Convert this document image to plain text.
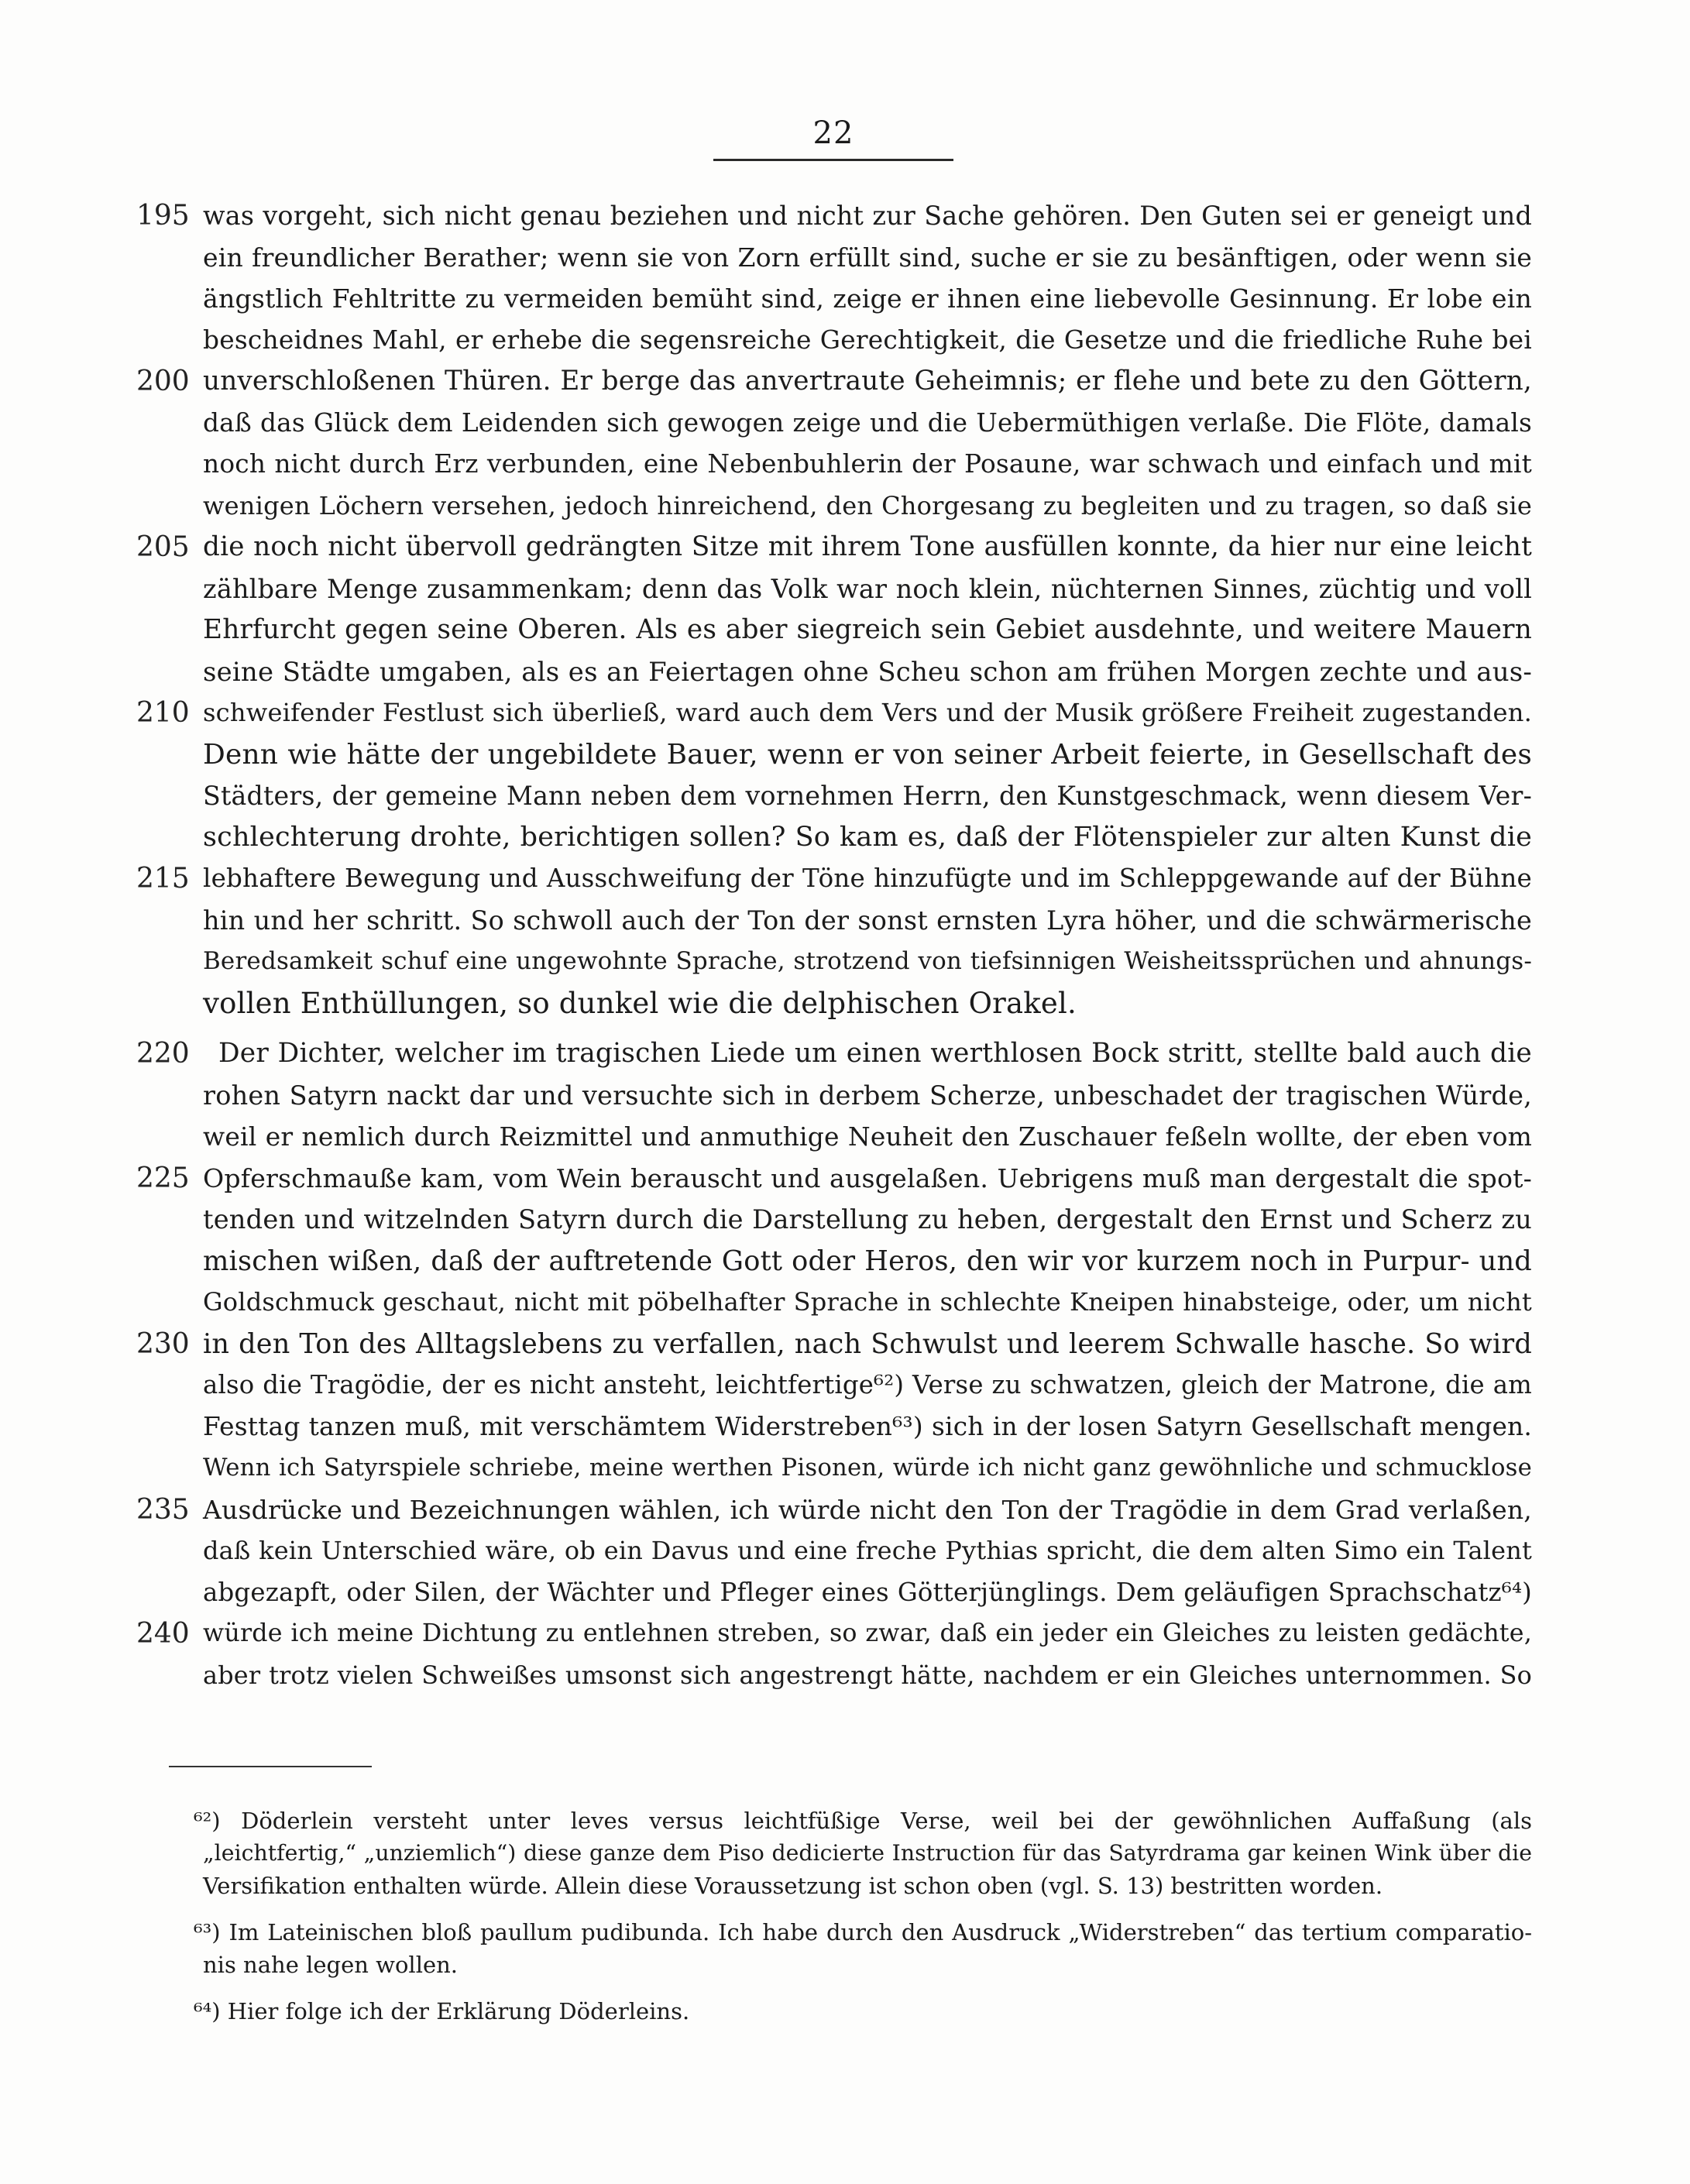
22
195 was vorgeht, sich nicht genau beziehen und nicht zur Sache gehören. Den Guten sei er geneigt und
ein freundlicher Berather; wenn sie von Zorn erfüllt sind, suche er sie zu besänftigen, oder wenn sie
ängstlich Fehltritte zu vermeiden bemüht sind, zeige er ihnen eine liebevolle Gesinnung. Er lobe ein
bescheidnes Mahl, er erhebe die segensreiche Gerechtigkeit, die Gesetze und die friedliche Ruhe bei
200 unverschloßenen Thüren. Er berge das anvertraute Geheimnis; er flehe und bete zu den Göttern,
daß das Glück dem Leidenden sich gewogen zeige und die Uebermüthigen verlaße. Die Flöte, damals
noch nicht durch Erz verbunden, eine Nebenbuhlerin der Posaune, war schwach und einfach und mit
wenigen Löchern versehen, jedoch hinreichend, den Chorgesang zu begleiten und zu tragen, so daß sie
205 die noch nicht übervoll gedrängten Sitze mit ihrem Tone ausfüllen konnte, da hier nur eine leicht
zählbare Menge zusammenkam; denn das Volk war noch klein, nüchternen Sinnes, züchtig und voll
Ehrfurcht gegen seine Oberen. Als es aber siegreich sein Gebiet ausdehnte, und weitere Mauern
seine Städte umgaben, als es an Feiertagen ohne Scheu schon am frühen Morgen zechte und aus-
210 schweifender Festlust sich überließ, ward auch dem Vers und der Musik größere Freiheit zugestanden.
Denn wie hätte der ungebildete Bauer, wenn er von seiner Arbeit feierte, in Gesellschaft des
Städters, der gemeine Mann neben dem vornehmen Herrn, den Kunstgeschmack, wenn diesem Ver-
schlechterung drohte, berichtigen sollen? So kam es, daß der Flötenspieler zur alten Kunst die
215 lebhaftere Bewegung und Ausschweifung der Töne hinzufügte und im Schleppgewande auf der Bühne
hin und her schritt. So schwoll auch der Ton der sonst ernsten Lyra höher, und die schwärmerische
Beredsamkeit schuf eine ungewohnte Sprache, strotzend von tiefsinnigen Weisheitssprüchen und ahnungs-
vollen Enthüllungen, so dunkel wie die delphischen Orakel.
220 Der Dichter, welcher im tragischen Liede um einen werthlosen Bock stritt, stellte bald auch die
rohen Satyrn nackt dar und versuchte sich in derbem Scherze, unbeschadet der tragischen Würde,
weil er nemlich durch Reizmittel und anmuthige Neuheit den Zuschauer feßeln wollte, der eben vom
225 Opferschmauße kam, vom Wein berauscht und ausgelaßen. Uebrigens muß man dergestalt die spot-
tenden und witzelnden Satyrn durch die Darstellung zu heben, dergestalt den Ernst und Scherz zu
mischen wißen, daß der auftretende Gott oder Heros, den wir vor kurzem noch in Purpur- und
Goldschmuck geschaut, nicht mit pöbelhafter Sprache in schlechte Kneipen hinabsteige, oder, um nicht
230 in den Ton des Alltagslebens zu verfallen, nach Schwulst und leerem Schwalle hasche. So wird
also die Tragödie, der es nicht ansteht, leichtfertige⁶²) Verse zu schwatzen, gleich der Matrone, die am
Festtag tanzen muß, mit verschämtem Widerstreben⁶³) sich in der losen Satyrn Gesellschaft mengen.
Wenn ich Satyrspiele schriebe, meine werthen Pisonen, würde ich nicht ganz gewöhnliche und schmucklose
235 Ausdrücke und Bezeichnungen wählen, ich würde nicht den Ton der Tragödie in dem Grad verlaßen,
daß kein Unterschied wäre, ob ein Davus und eine freche Pythias spricht, die dem alten Simo ein Talent
abgezapft, oder Silen, der Wächter und Pfleger eines Götterjünglings. Dem geläufigen Sprachschatz⁶⁴)
240 würde ich meine Dichtung zu entlehnen streben, so zwar, daß ein jeder ein Gleiches zu leisten gedächte,
aber trotz vielen Schweißes umsonst sich angestrengt hätte, nachdem er ein Gleiches unternommen. So
⁶²) Döderlein versteht unter leves versus leichtfüßige Verse, weil bei der gewöhnlichen Auffaßung (als
„leichtfertig,“ „unziemlich“) diese ganze dem Piso dedicierte Instruction für das Satyrdrama gar keinen Wink über die
Versifikation enthalten würde. Allein diese Voraussetzung ist schon oben (vgl. S. 13) bestritten worden.
⁶³) Im Lateinischen bloß paullum pudibunda. Ich habe durch den Ausdruck „Widerstreben“ das tertium comparatio-
nis nahe legen wollen.
⁶⁴) Hier folge ich der Erklärung Döderleins.
